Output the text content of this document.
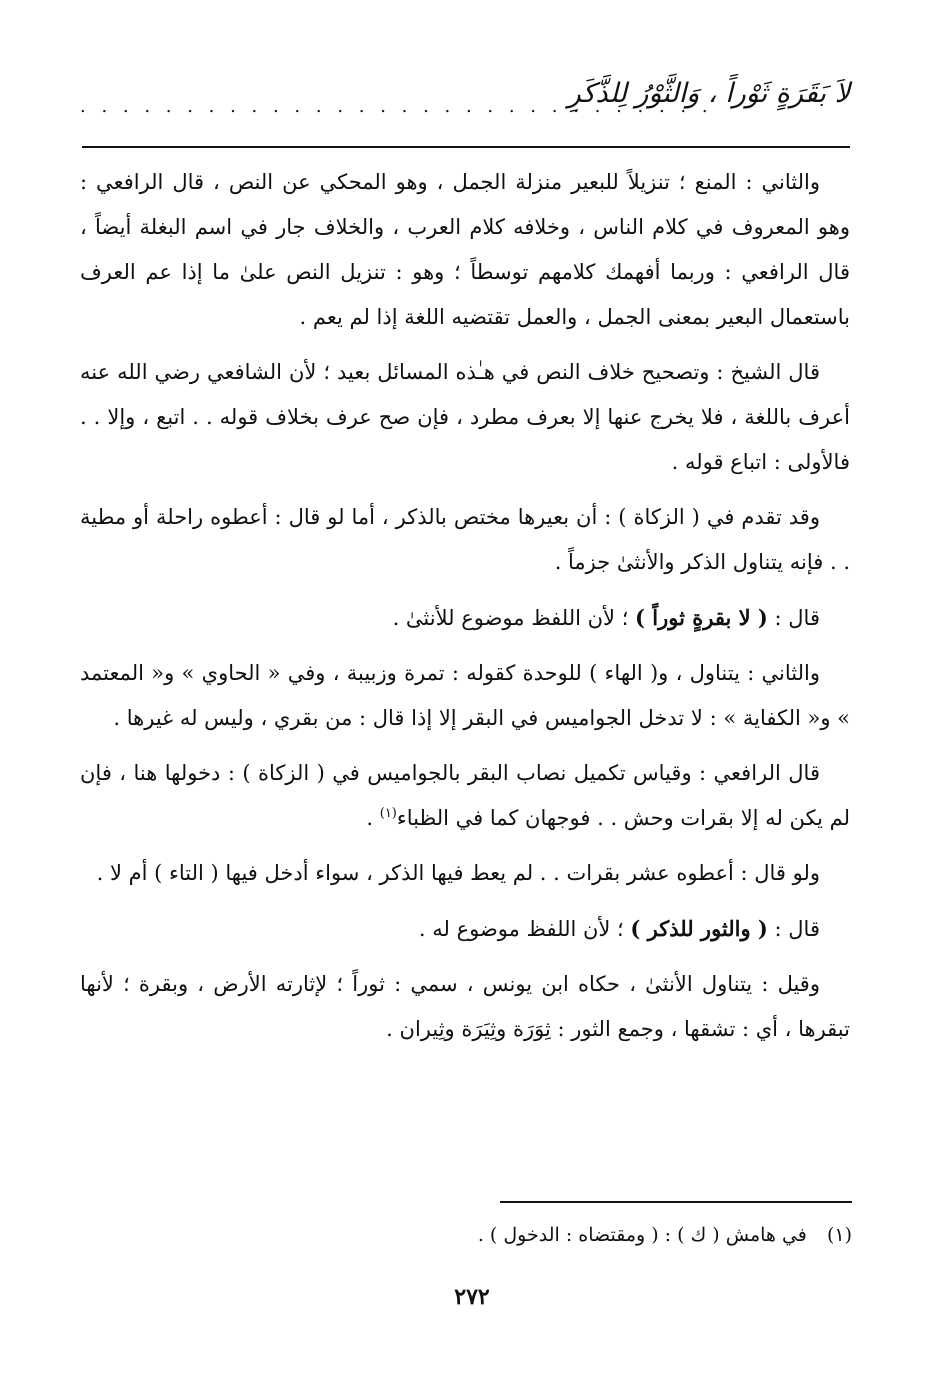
لاَ بَقَرَةٍ ثَوْراً ، وَالثَّوْرُ لِلذَّكَرِ
. . . . . . . . . . . . . . . . . . . . . . . . . . . . . .

والثاني : المنع ؛ تنزيلاً للبعير منزلة الجمل ، وهو المحكي عن النص ، قال الرافعي : وهو المعروف في كلام الناس ، وخلافه كلام العرب ، والخلاف جار في اسم البغلة أيضاً ، قال الرافعي : وربما أفهمك كلامهم توسطاً ؛ وهو : تنزيل النص علىٰ ما إذا عم العرف باستعمال البعير بمعنى الجمل ، والعمل تقتضيه اللغة إذا لم يعم .

قال الشيخ : وتصحيح خلاف النص في هـٰذه المسائل بعيد ؛ لأن الشافعي رضي الله عنه أعرف باللغة ، فلا يخرج عنها إلا بعرف مطرد ، فإن صح عرف بخلاف قوله . . اتبع ، وإلا . . فالأولى : اتباع قوله .

وقد تقدم في ( الزكاة ) : أن بعيرها مختص بالذكر ، أما لو قال : أعطوه راحلة أو مطية . . فإنه يتناول الذكر والأنثىٰ جزماً .

قال : ( لا بقرةٍ ثوراً ) ؛ لأن اللفظ موضوع للأنثىٰ .

والثاني : يتناول ، و( الهاء ) للوحدة كقوله : تمرة وزبيبة ، وفي « الحاوي » و« المعتمد » و« الكفاية » : لا تدخل الجواميس في البقر إلا إذا قال : من بقري ، وليس له غيرها .

قال الرافعي : وقياس تكميل نصاب البقر بالجواميس في ( الزكاة ) : دخولها هنا ، فإن لم يكن له إلا بقرات وحش . . فوجهان كما في الظباء$^{(١)}$ .

ولو قال : أعطوه عشر بقرات . . لم يعط فيها الذكر ، سواء أدخل فيها ( التاء ) أم لا .

قال : ( والثور للذكر ) ؛ لأن اللفظ موضوع له .

وقيل : يتناول الأنثىٰ ، حكاه ابن يونس ، سمي : ثوراً ؛ لإثارته الأرض ، وبقرة ؛ لأنها تبقرها ، أي : تشقها ، وجمع الثور : ثِوَرَة وثِيَرَة وثِيران .

(١) في هامش ( ك ) : ( ومقتضاه : الدخول ) .
٢٧٢
